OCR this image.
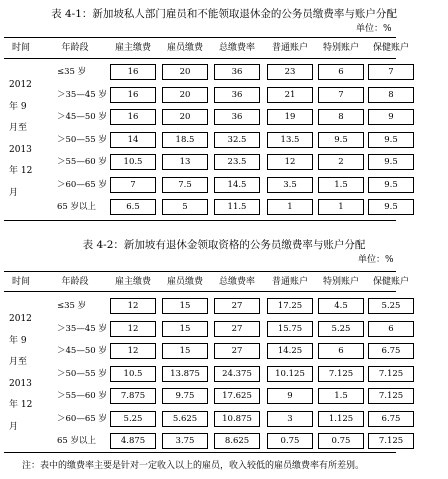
表 4-1：新加坡私人部门雇员和不能领取退休金的公务员缴费率与账户分配
单位：%
时间	年龄段	雇主缴费	雇员缴费	总缴费率	普通账户	特别账户	保健账户
2012
年 9
月至
2013
年 12
月
≤35 岁	16	20	36	23	6	7
＞35—45 岁	16	20	36	21	7	8
＞45—50 岁	16	20	36	19	8	9
＞50—55 岁	14	18.5	32.5	13.5	9.5	9.5
＞55—60 岁	10.5	13	23.5	12	2	9.5
＞60—65 岁	7	7.5	14.5	3.5	1.5	9.5
65 岁以上	6.5	5	11.5	1	1	9.5
表 4-2：新加坡有退休金领取资格的公务员缴费率与账户分配
单位：%
时间	年龄段	雇主缴费	雇员缴费	总缴费率	普通账户	特别账户	保健账户
2012
年 9
月至
2013
年 12
月
≤35 岁	12	15	27	17.25	4.5	5.25
＞35—45 岁	12	15	27	15.75	5.25	6
＞45—50 岁	12	15	27	14.25	6	6.75
＞50—55 岁	10.5	13.875	24.375	10.125	7.125	7.125
＞55—60 岁	7.875	9.75	17.625	9	1.5	7.125
＞60—65 岁	5.25	5.625	10.875	3	1.125	6.75
65 岁以上	4.875	3.75	8.625	0.75	0.75	7.125
注：表中的缴费率主要是针对一定收入以上的雇员，收入较低的雇员缴费率有所差别。
